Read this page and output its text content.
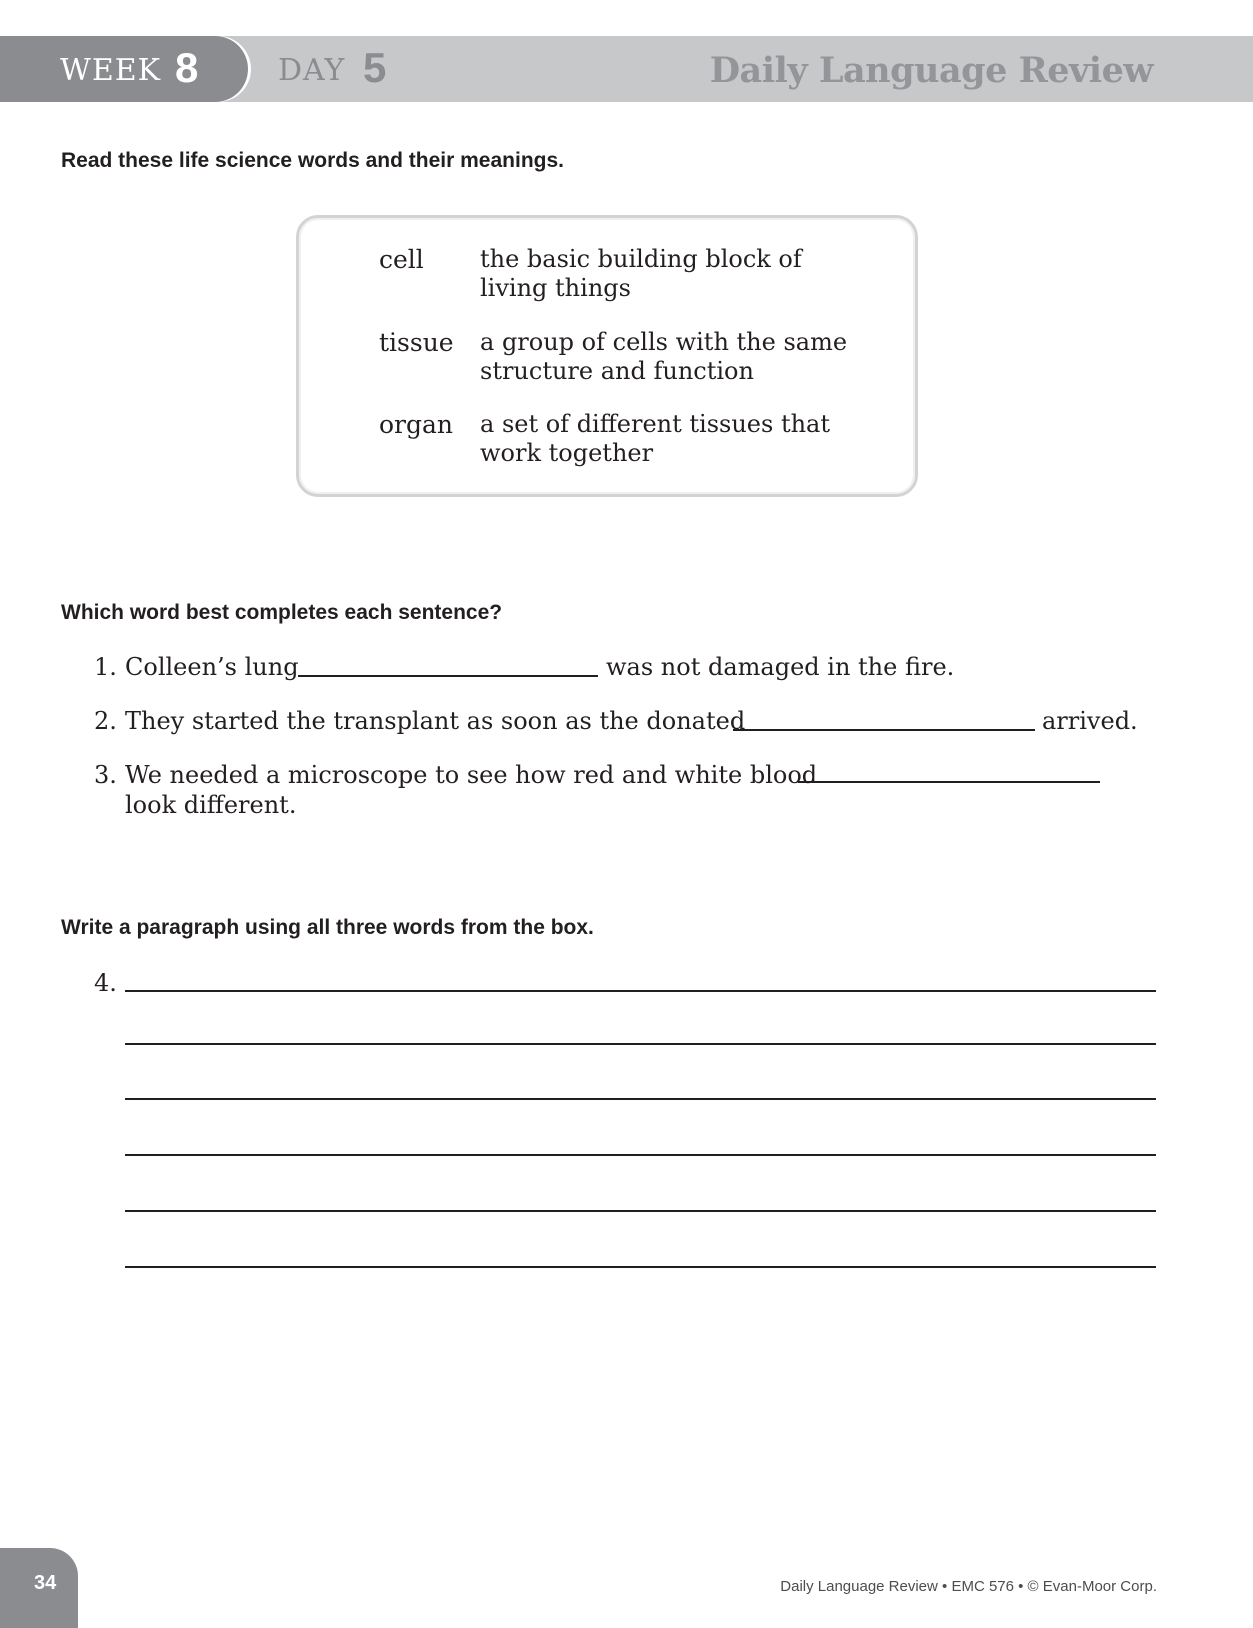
WEEK 8	DAY 5	Daily Language Review
Read these life science words and their meanings.
cell the basic building block of living things
tissue a group of cells with the same structure and function
organ a set of different tissues that work together
Which word best completes each sentence?
1. Colleen’s lung	was not damaged in the fire.
2. They started the transplant as soon as the donated	arrived.
3. We needed a microscope to see how red and white blood
look different.
Write a paragraph using all three words from the box.
4.
34	Daily Language Review • EMC 576 • © Evan-Moor Corp.
